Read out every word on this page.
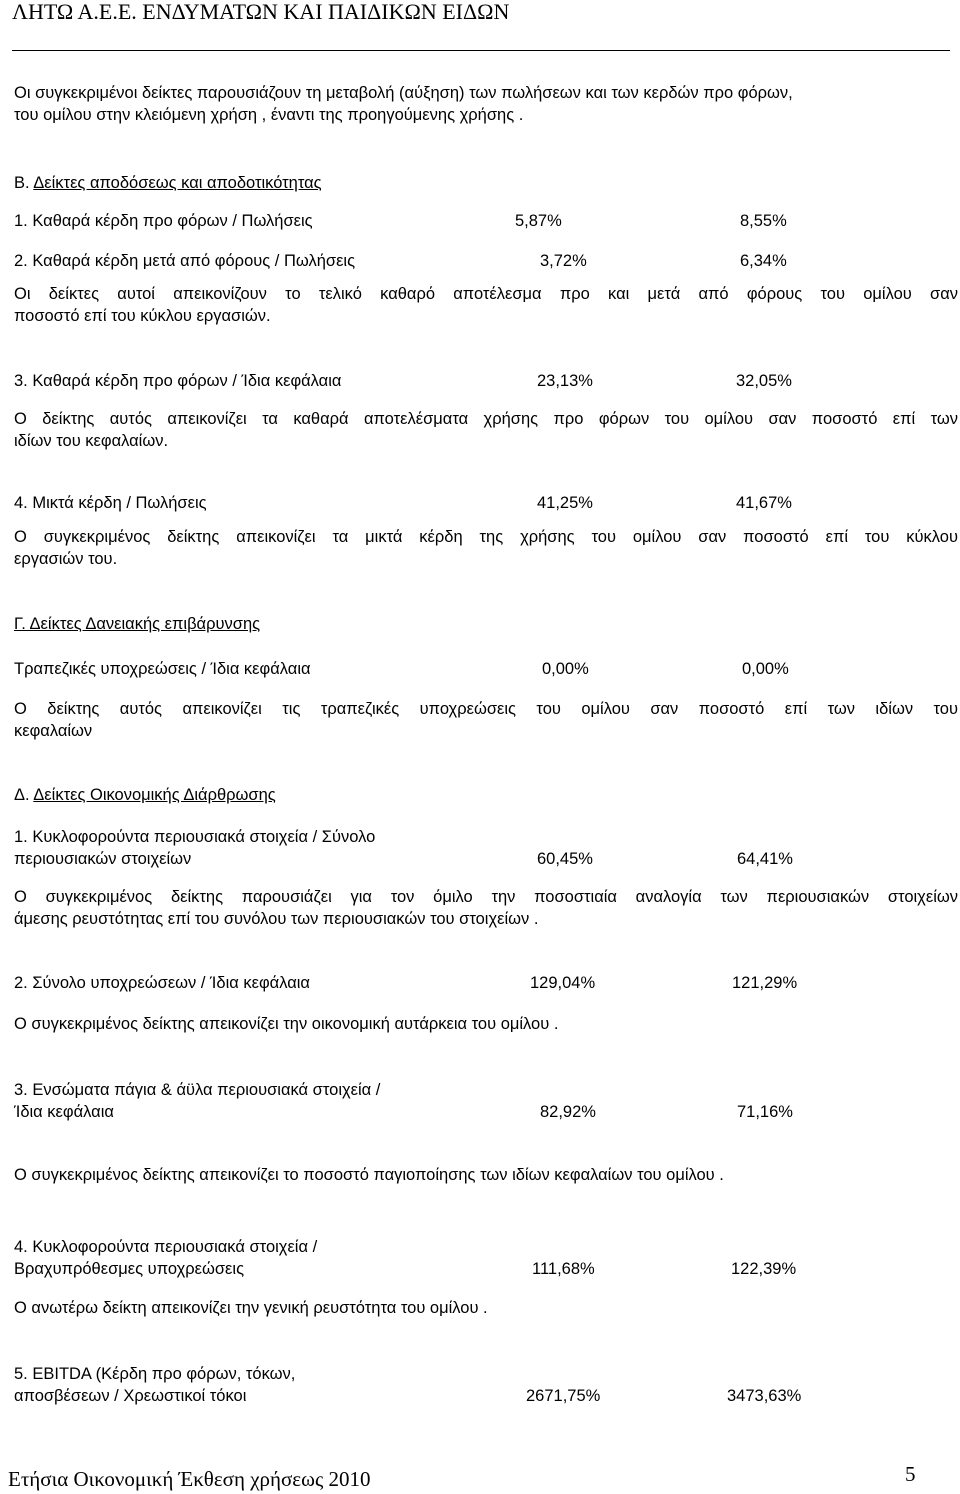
ΛΗΤΩ Α.Ε.Ε. ΕΝΔΥΜΑΤΩΝ ΚΑΙ ΠΑΙΔΙΚΩΝ ΕΙΔΩΝ
Οι συγκεκριμένοι δείκτες παρουσιάζουν τη μεταβολή (αύξηση) των πωλήσεων και των κερδών προ φόρων,
του ομίλου στην κλειόμενη χρήση , έναντι της προηγούμενης χρήσης .
Β. Δείκτες αποδόσεως και αποδοτικότητας
1. Καθαρά κέρδη προ φόρων / Πωλήσεις	5,87%	8,55%
2. Καθαρά κέρδη μετά από φόρους / Πωλήσεις	3,72%	6,34%
Οι δείκτες αυτοί απεικονίζουν το τελικό καθαρό αποτέλεσμα προ και μετά από φόρους του ομίλου σαν
ποσοστό επί του κύκλου εργασιών.
3. Καθαρά κέρδη προ φόρων / Ίδια κεφάλαια	23,13%	32,05%
Ο δείκτης αυτός απεικονίζει τα καθαρά αποτελέσματα χρήσης προ φόρων του ομίλου σαν ποσοστό επί των
ιδίων του κεφαλαίων.
4. Μικτά κέρδη / Πωλήσεις	41,25%	41,67%
Ο συγκεκριμένος δείκτης απεικονίζει τα μικτά κέρδη της χρήσης του ομίλου σαν ποσοστό επί του κύκλου
εργασιών του.
Γ. Δείκτες Δανειακής επιβάρυνσης
Τραπεζικές υποχρεώσεις / Ίδια κεφάλαια	0,00%	0,00%
Ο δείκτης αυτός απεικονίζει τις τραπεζικές υποχρεώσεις του ομίλου σαν ποσοστό επί των ιδίων του
κεφαλαίων
Δ. Δείκτες Οικονομικής Διάρθρωσης
1. Κυκλοφορούντα περιουσιακά στοιχεία / Σύνολο
περιουσιακών στοιχείων	60,45%	64,41%
Ο συγκεκριμένος δείκτης παρουσιάζει για τον όμιλο την ποσοστιαία αναλογία των περιουσιακών στοιχείων
άμεσης ρευστότητας επί του συνόλου των περιουσιακών του στοιχείων .
2. Σύνολο υποχρεώσεων / Ίδια κεφάλαια	129,04%	121,29%
Ο συγκεκριμένος δείκτης απεικονίζει την οικονομική αυτάρκεια του ομίλου .
3. Ενσώματα πάγια & άϋλα περιουσιακά στοιχεία /
Ίδια κεφάλαια	82,92%	71,16%
Ο συγκεκριμένος δείκτης απεικονίζει το ποσοστό παγιοποίησης των ιδίων κεφαλαίων του ομίλου .
4. Κυκλοφορούντα περιουσιακά στοιχεία /
Βραχυπρόθεσμες υποχρεώσεις	111,68%	122,39%
Ο ανωτέρω δείκτη απεικονίζει την γενική ρευστότητα του ομίλου .
5. EBITDA (Κέρδη προ φόρων, τόκων,
αποσβέσεων / Χρεωστικοί τόκοι	2671,75%	3473,63%
Ετήσια Οικονομική Έκθεση χρήσεως 2010	5
